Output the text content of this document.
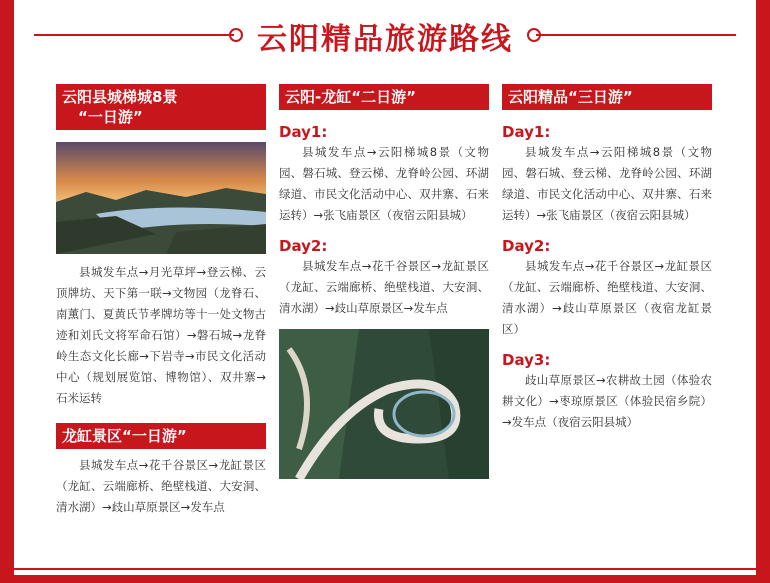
云阳精品旅游路线
云阳县城梯城8景
“一日游”

县城发车点→月光草坪→登云梯、云顶牌坊、天下第一联→文物园（龙脊石、南薰门、夏黄氏节孝牌坊等十一处文物古迹和刘氏文将军命石馆）→磐石城→龙脊岭生态文化长廊→下岩寺→市民文化活动中心（规划展览馆、博物馆）、双井寨→石米运转

龙缸景区“一日游”

县城发车点→花千谷景区→龙缸景区（龙缸、云端廊桥、绝壁栈道、大安洞、清水湖）→歧山草原景区→发车点

云阳-龙缸“二日游”

Day1:

县城发车点→云阳梯城8景（文物园、磐石城、登云梯、龙脊岭公园、环湖绿道、市民文化活动中心、双井寨、石来运转）→张飞庙景区（夜宿云阳县城）

Day2:

县城发车点→花千谷景区→龙缸景区（龙缸、云端廊桥、绝壁栈道、大安洞、清水湖）→歧山草原景区→发车点

云阳精品“三日游”

Day1:

县城发车点→云阳梯城8景（文物园、磐石城、登云梯、龙脊岭公园、环湖绿道、市民文化活动中心、双井寨、石来运转）→张飞庙景区（夜宿云阳县城）

Day2:

县城发车点→花千谷景区→龙缸景区（龙缸、云端廊桥、绝壁栈道、大安洞、清水湖）→歧山草原景区（夜宿龙缸景区）

Day3:

歧山草原景区→农耕故土园（体验农耕文化）→枣琼原景区（体验民宿乡院）→发车点（夜宿云阳县城）
